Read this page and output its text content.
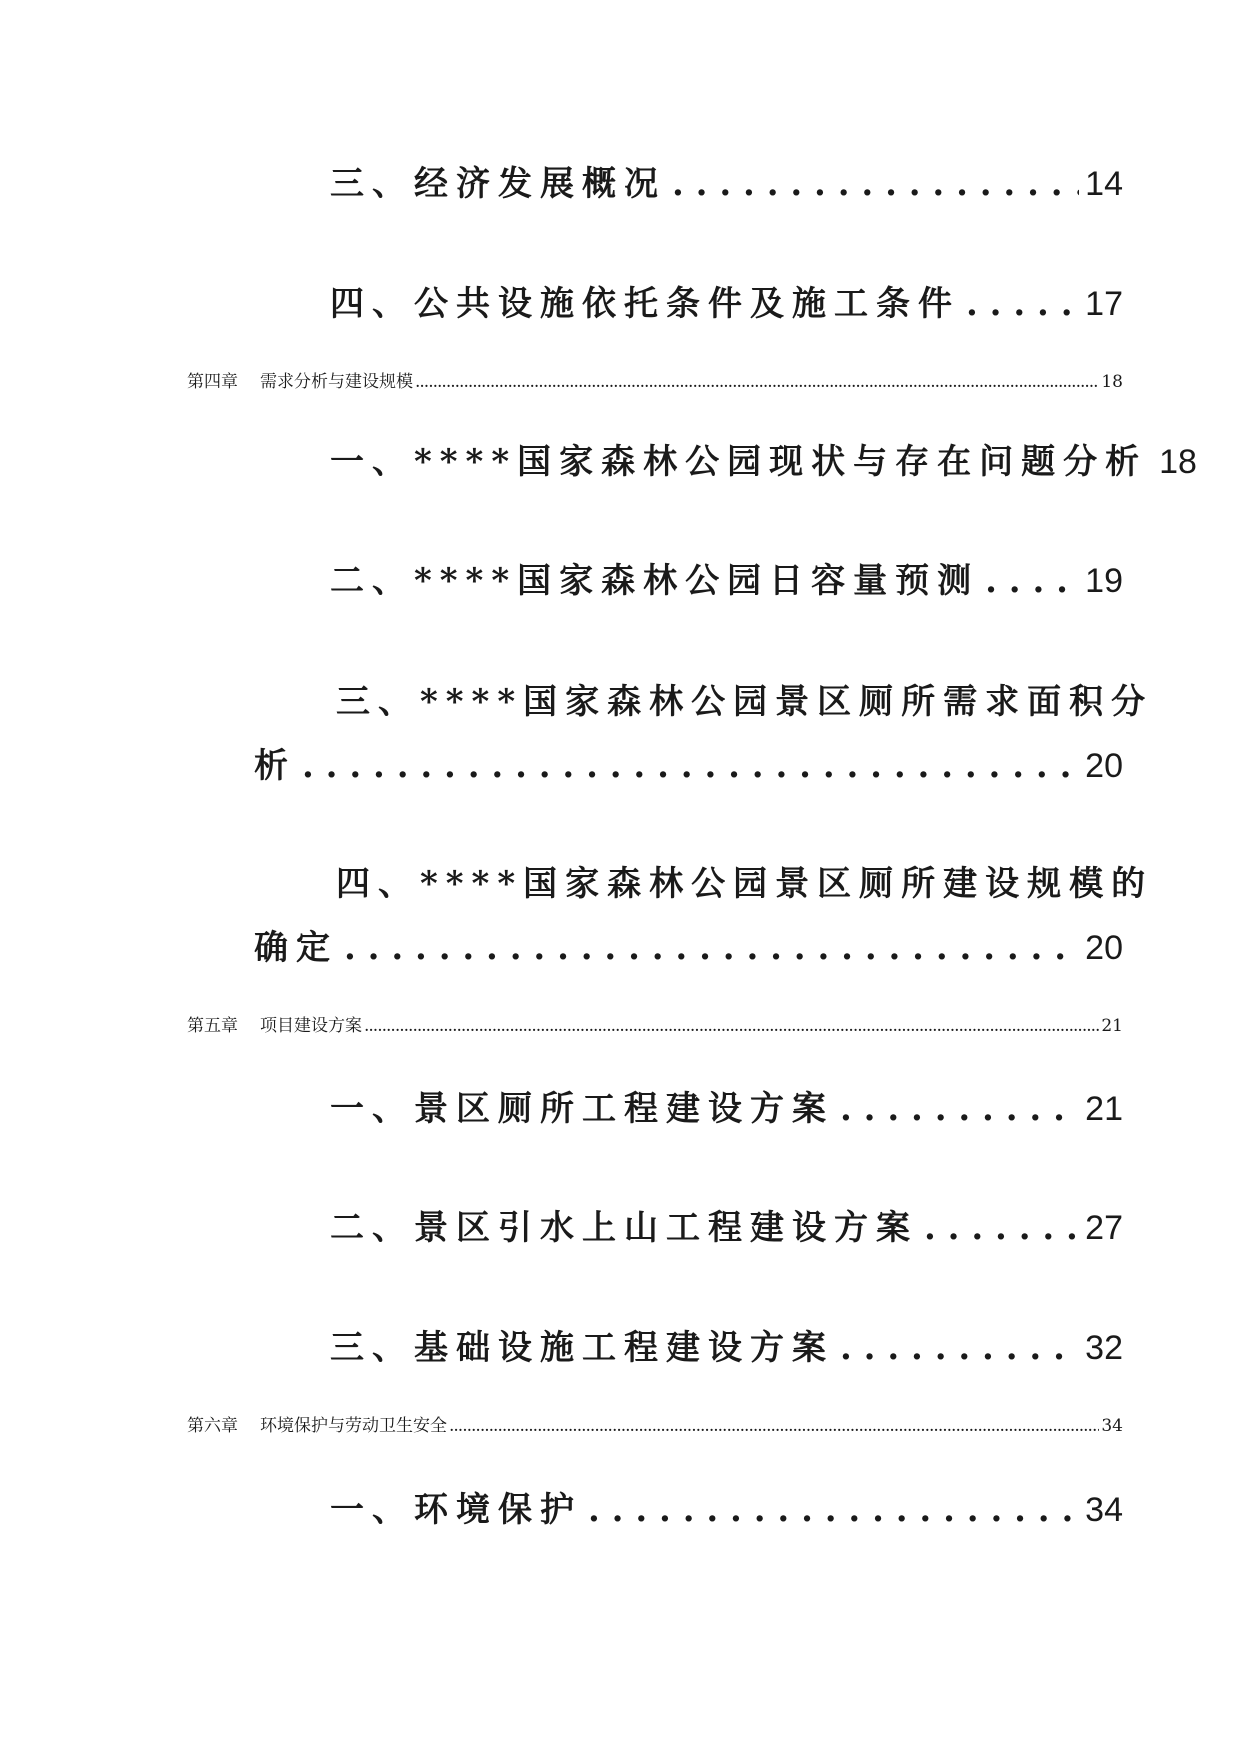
三、经济发展概况 . . .	14
四、公共设施依托条件及施工条件 . . .	17
第四章 需求分析与建设规模 .....	18
一、****国家森林公园现状与存在问题分析 18
二、****国家森林公园日容量预测 . . .	19
三、****国家森林公园景区厕所需求面积分
析 . . .	20
四、****国家森林公园景区厕所建设规模的
确定 . . .	20
第五章 项目建设方案 .....	21
一、景区厕所工程建设方案 . . .	21
二、景区引水上山工程建设方案 . . .	27
三、基础设施工程建设方案 . . .	32
第六章 环境保护与劳动卫生安全 .....	34
一、环境保护 . . .	34
